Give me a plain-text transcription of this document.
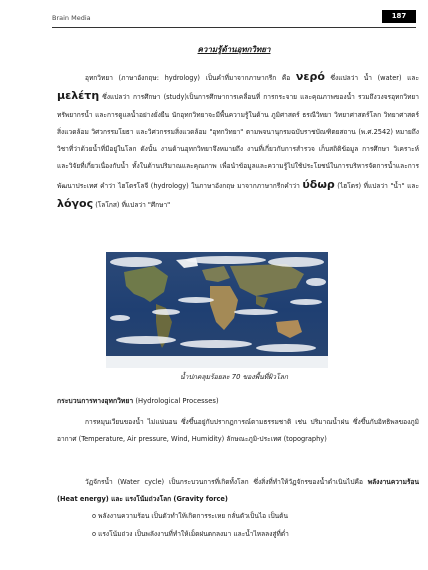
Brain Media	187
ความรู้ด้านอุทกวิทยา
อุทกวิทยา (ภาษาอังกฤษ: hydrology) เป็นคำที่มาจากภาษากรีก คือ νερό ซึ่งแปลว่า น้ำ (water) และ μελέτη ซึ่งแปลว่า การศึกษา (study)เป็นการศึกษาการเคลื่อนที่ การกระจาย และคุณภาพของน้ำ รวมถึงวงจรอุทกวิทยา ทรัพยากรน้ำ และการดูแลน้ำอย่างยั่งยืน นักอุทกวิทยาจะมีพื้นความรู้ในด้าน ภูมิศาสตร์ ธรณีวิทยา วิทยาศาสตร์โลก วิทยาศาสตร์สิ่งแวดล้อม วิศวกรรมโยธา และวิศวกรรมสิ่งแวดล้อม "อุทกวิทยา" ตามพจนานุกรมฉบับราชบัณฑิตยสถาน (พ.ศ.2542) หมายถึง วิชาที่ว่าด้วยน้ำที่มีอยู่ในโลก ดังนั้น งานด้านอุทกวิทยาจึงหมายถึง งานที่เกี่ยวกับการสำรวจ เก็บสถิติข้อมูล การศึกษา วิเคราะห์ และวิจัยที่เกี่ยวเนื่องกับน้ำ ทั้งในด้านปริมาณและคุณภาพ เพื่อนำข้อมูลและความรู้ไปใช้ประโยชน์ในการบริหารจัดการน้ำและการพัฒนาประเทศ คำว่า ไฮโดรโลจี (hydrology) ในภาษาอังกฤษ มาจากภาษากรีกคำว่า ύδωρ (ไฮโดร) ที่แปลว่า "น้ำ" และ λόγος (โลโกส) ที่แปลว่า "ศึกษา"
น้ำปกคลุมร้อยละ 70 ของพื้นที่ผิวโลก
กระบวนการทางอุทกวิทยา (Hydrological Processes)
การหมุนเวียนของน้ำ ไม่แน่นอน ซึ่งขึ้นอยู่กับปรากฏการณ์ตามธรรมชาติ เช่น ปริมาณน้ำฝน ซึ่งขึ้นกับอิทธิพลของภูมิอากาศ (Temperature, Air pressure, Wind, Humidity) ลักษณะภูมิ-ประเทศ (topography)
วัฏจักรน้ำ (Water cycle) เป็นกระบวนการที่เกิดทั้งโลก ซึ่งสิ่งที่ทำให้วัฏจักรของน้ำดำเนินไปคือ พลังงานความร้อน (Heat energy) และ แรงโน้มถ่วงโลก (Gravity force)
o พลังงานความร้อน เป็นตัวทำให้เกิดการระเหย กลั่นตัวเป็นไอ เป็นต้น
o แรงโน้มถ่วง เป็นพลังงานที่ทำให้เม็ดฝนตกลงมา และน้ำไหลลงสู่ที่ต่ำ
